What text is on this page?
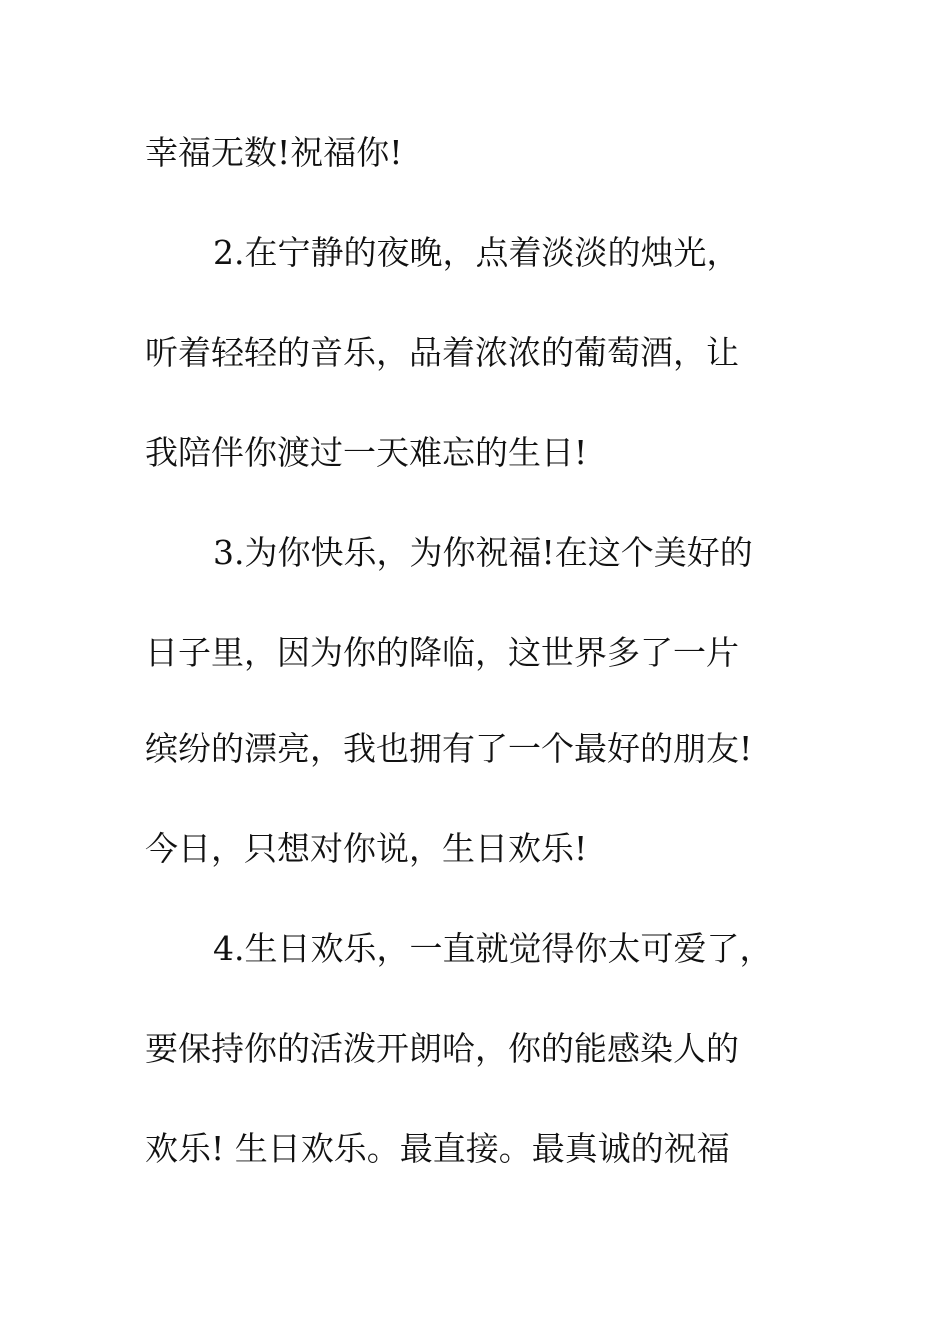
幸福无数!祝福你!
2.在宁静的夜晚，点着淡淡的烛光，
听着轻轻的音乐，品着浓浓的葡萄酒，让
我陪伴你渡过一天难忘的生日!
3.为你快乐，为你祝福!在这个美好的
日子里，因为你的降临，这世界多了一片
缤纷的漂亮，我也拥有了一个最好的朋友!
今日，只想对你说，生日欢乐!
4.生日欢乐，一直就觉得你太可爱了，
要保持你的活泼开朗哈，你的能感染人的
欢乐! 生日欢乐。最直接。最真诚的祝福
